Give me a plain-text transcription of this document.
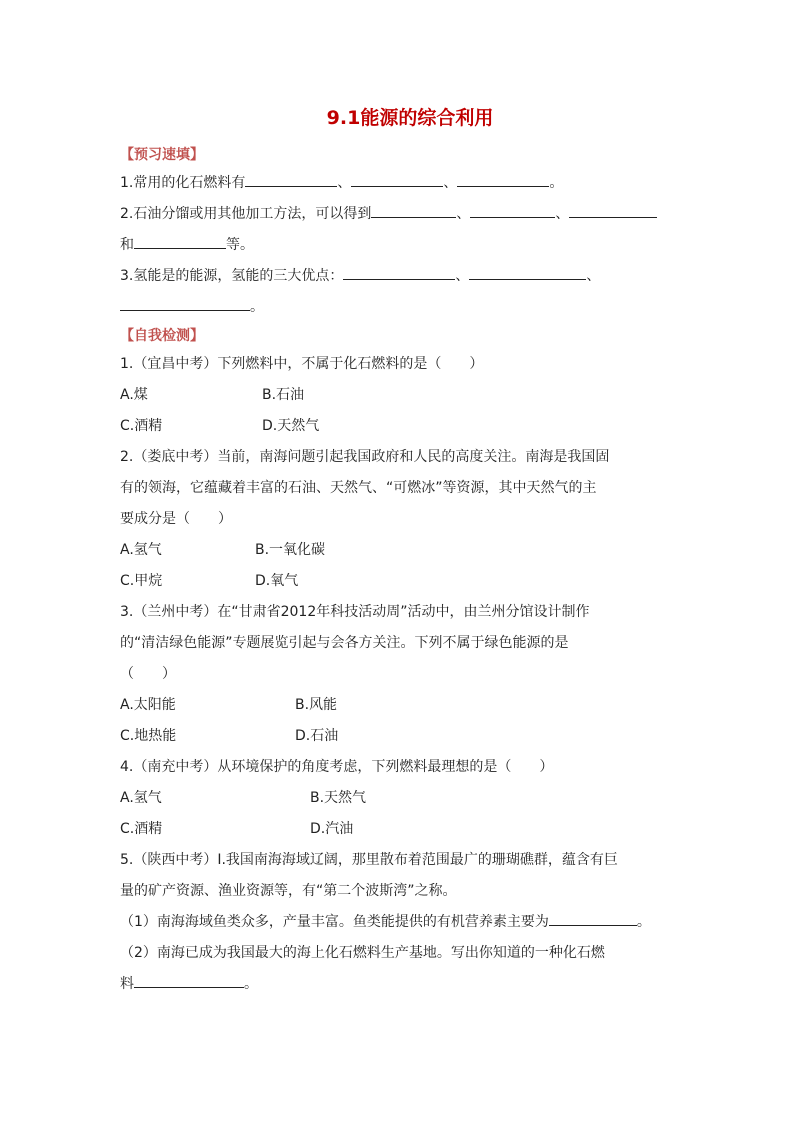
9.1能源的综合利用
【预习速填】
1.常用的化石燃料有	、	、	。
2.石油分馏或用其他加工方法，可以得到	、	、
和	等。
3.氢能是的能源，氢能的三大优点：	、	、
。
【自我检测】
1.（宜昌中考）下列燃料中，不属于化石燃料的是（　　）
A.煤	B.石油
C.酒精	D.天然气
2.（娄底中考）当前，南海问题引起我国政府和人民的高度关注。南海是我国固
有的领海，它蕴藏着丰富的石油、天然气、“可燃冰”等资源，其中天然气的主
要成分是（　　）
A.氢气	B.一氧化碳
C.甲烷	D.氧气
3.（兰州中考）在“甘肃省2012年科技活动周”活动中，由兰州分馆设计制作
的“清洁绿色能源”专题展览引起与会各方关注。下列不属于绿色能源的是
（　　）
A.太阳能	B.风能
C.地热能	D.石油
4.（南充中考）从环境保护的角度考虑，下列燃料最理想的是（　　）
A.氢气	B.天然气
C.酒精	D.汽油
5.（陕西中考）I.我国南海海域辽阔，那里散布着范围最广的珊瑚礁群，蕴含有巨
量的矿产资源、渔业资源等，有“第二个波斯湾”之称。
（1）南海海域鱼类众多，产量丰富。鱼类能提供的有机营养素主要为	。
（2）南海已成为我国最大的海上化石燃料生产基地。写出你知道的一种化石燃
料	。
